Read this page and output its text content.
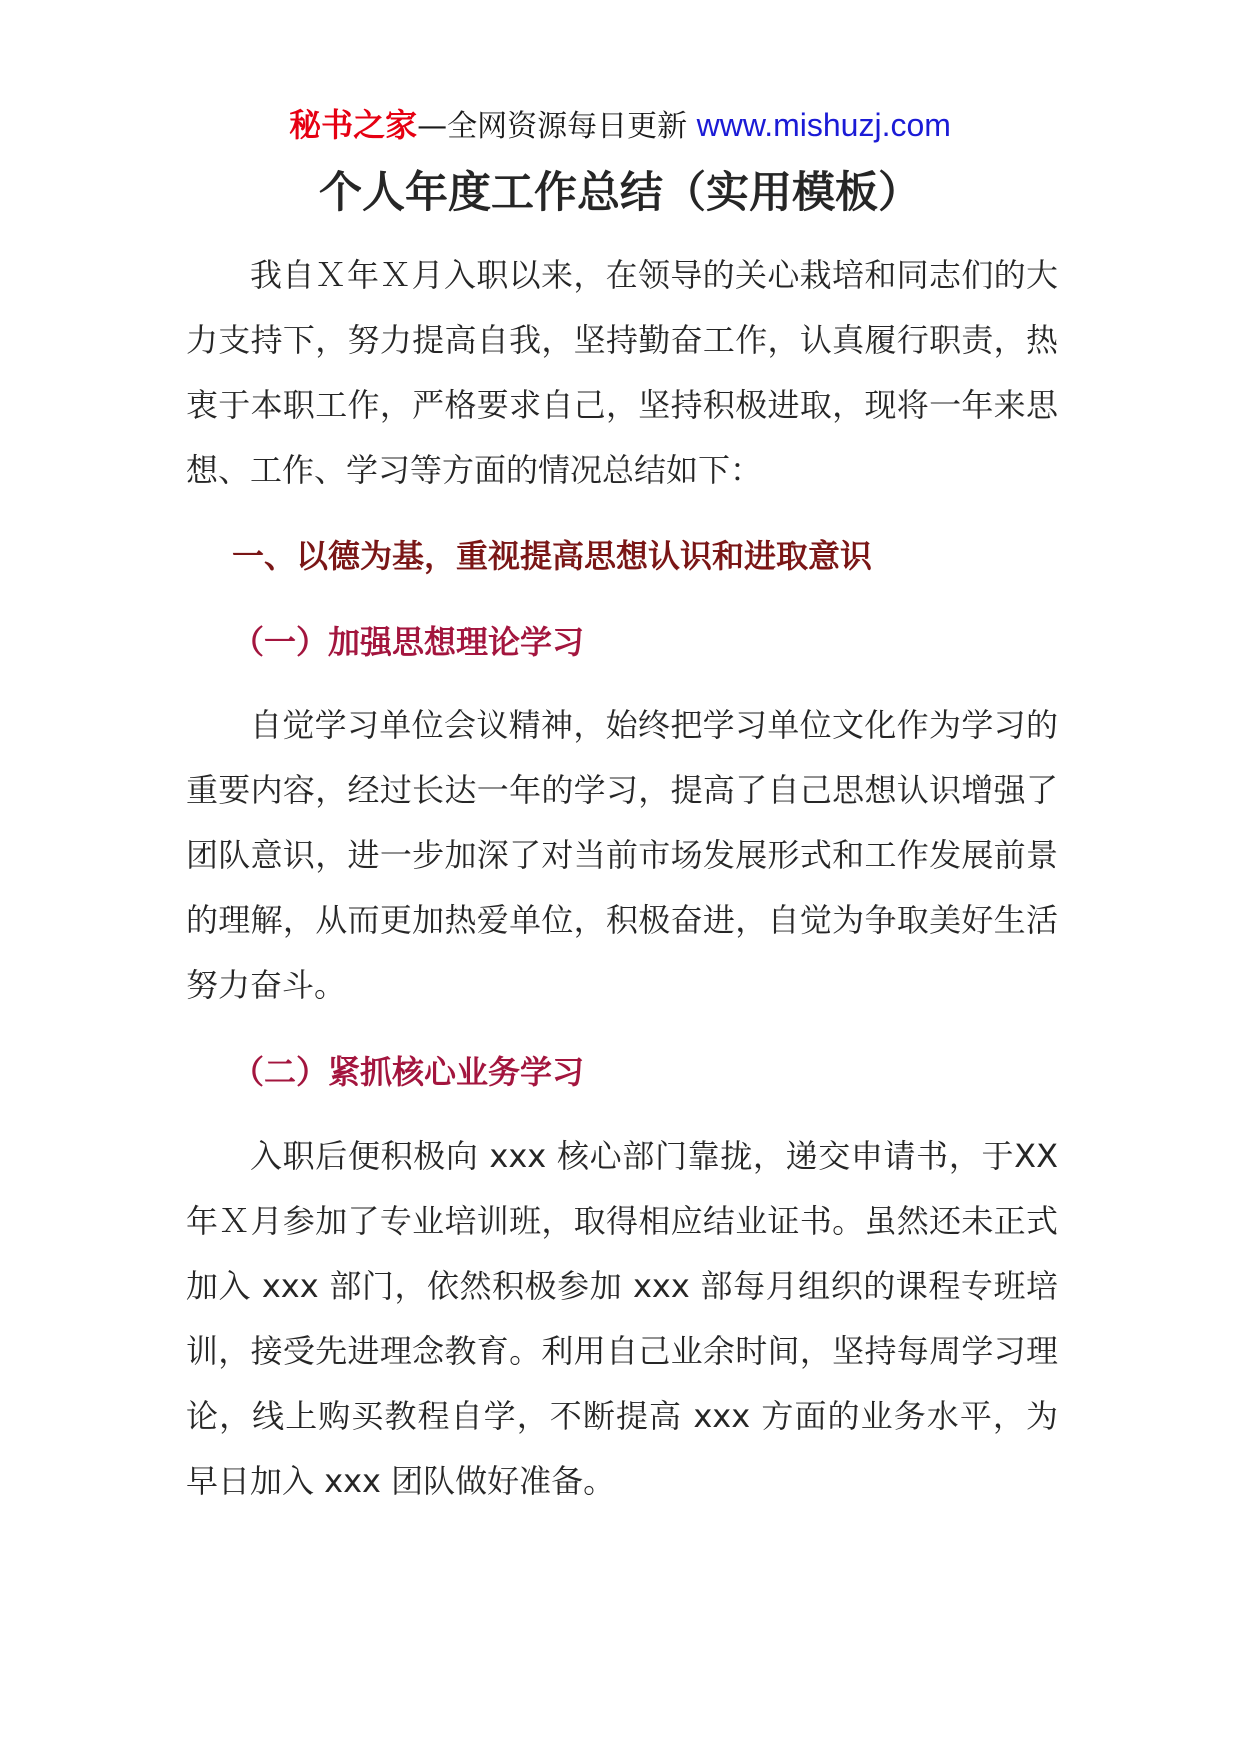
秘书之家—全网资源每日更新 www.mishuzj.com
个人年度工作总结（实用模板）

我自Ｘ年Ｘ月入职以来，在领导的关心栽培和同志们的大力支持下，努力提高自我，坚持勤奋工作，认真履行职责，热衷于本职工作，严格要求自己，坚持积极进取，现将一年来思想、工作、学习等方面的情况总结如下：

一、以德为基，重视提高思想认识和进取意识
（一）加强思想理论学习

自觉学习单位会议精神，始终把学习单位文化作为学习的重要内容，经过长达一年的学习，提高了自己思想认识增强了团队意识，进一步加深了对当前市场发展形式和工作发展前景的理解，从而更加热爱单位，积极奋进，自觉为争取美好生活努力奋斗。

（二）紧抓核心业务学习

入职后便积极向 xxx 核心部门靠拢，递交申请书，于XX 年Ｘ月参加了专业培训班，取得相应结业证书。虽然还未正式加入 xxx 部门，依然积极参加 xxx 部每月组织的课程专班培训，接受先进理念教育。利用自己业余时间，坚持每周学习理论，线上购买教程自学，不断提高 xxx 方面的业务水平，为早日加入 xxx 团队做好准备。
